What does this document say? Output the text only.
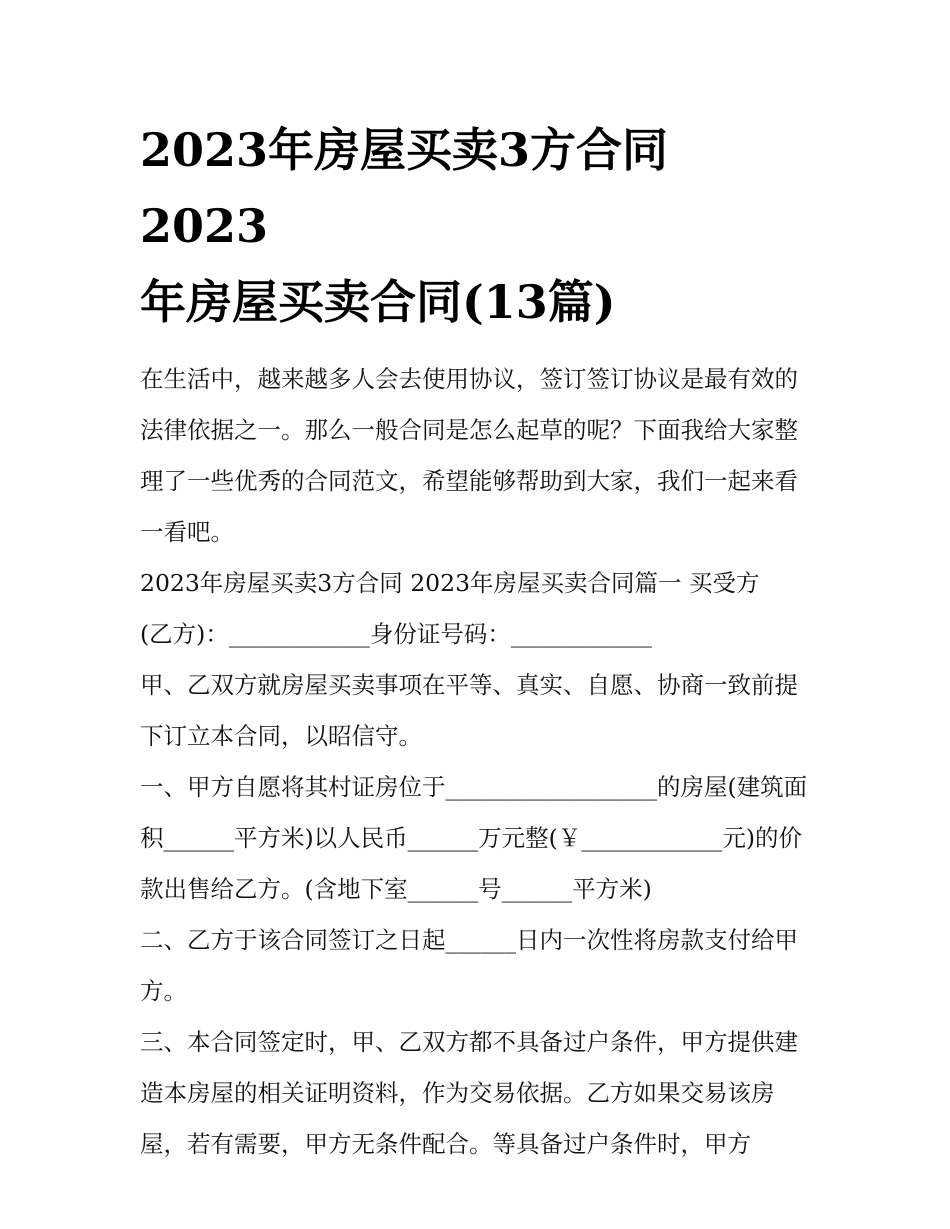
2023年房屋买卖3方合同 2023
年房屋买卖合同(13篇)

在生活中，越来越多人会去使用协议，签订签订协议是最有效的法律依据之一。那么一般合同是怎么起草的呢？下面我给大家整理了一些优秀的合同范文，希望能够帮助到大家，我们一起来看一看吧。

2023年房屋买卖3方合同 2023年房屋买卖合同篇一 买受方

(乙方)：____________身份证号码：____________

甲、乙双方就房屋买卖事项在平等、真实、自愿、协商一致前提下订立本合同，以昭信守。

一、甲方自愿将其村证房位于__________________的房屋(建筑面积______平方米)以人民币______万元整(￥____________元)的价款出售给乙方。(含地下室______号______平方米)

二、乙方于该合同签订之日起______日内一次性将房款支付给甲方。

三、本合同签定时，甲、乙双方都不具备过户条件，甲方提供建造本房屋的相关证明资料，作为交易依据。乙方如果交易该房屋，若有需要，甲方无条件配合。等具备过户条件时，甲方
